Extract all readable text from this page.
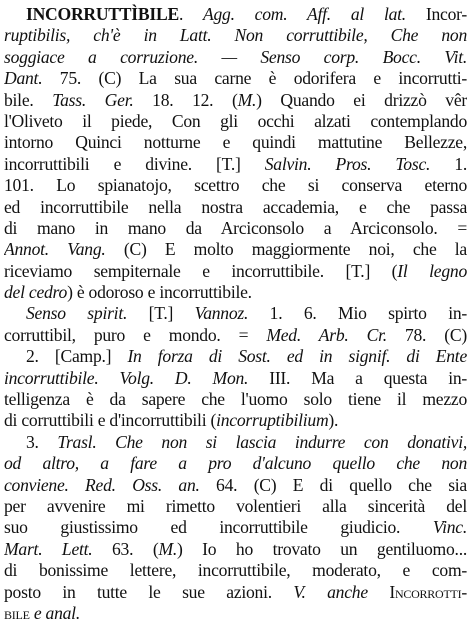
INCORRUTTÌBILE. Agg. com. Aff. al lat. Incor-
ruptibilis, ch'è in Latt. Non corruttibile, Che non
soggiace a corruzione. — Senso corp. Bocc. Vit.
Dant. 75. (C) La sua carne è odorifera e incorrutti-
bile. Tass. Ger. 18. 12. (M.) Quando ei drizzò vêr
l'Oliveto il piede, Con gli occhi alzati contemplando
intorno Quinci notturne e quindi mattutine Bellezze,
incorruttibili e divine. [T.] Salvin. Pros. Tosc. 1.
101. Lo spianatojo, scettro che si conserva eterno
ed incorruttibile nella nostra accademia, e che passa
di mano in mano da Arciconsolo a Arciconsolo. =
Annot. Vang. (C) E molto maggiormente noi, che la
riceviamo sempiternale e incorruttibile. [T.] (Il legno
del cedro) è odoroso e incorruttibile.
Senso spirit. [T.] Vannoz. 1. 6. Mio spirto in-
corruttibil, puro e mondo. = Med. Arb. Cr. 78. (C)
2. [Camp.] In forza di Sost. ed in signif. di Ente
incorruttibile. Volg. D. Mon. III. Ma a questa in-
telligenza è da sapere che l'uomo solo tiene il mezzo
di corruttibili e d'incorruttibili (incorruptibilium).
3. Trasl. Che non si lascia indurre con donativi,
od altro, a fare a pro d'alcuno quello che non
conviene. Red. Oss. an. 64. (C) E di quello che sia
per avvenire mi rimetto volentieri alla sincerità del
suo giustissimo ed incorruttibile giudicio. Vinc.
Mart. Lett. 63. (M.) Io ho trovato un gentiluomo...
di bonissime lettere, incorruttibile, moderato, e com-
posto in tutte le sue azioni. V. anche Incorrotti-
bile e anal.
